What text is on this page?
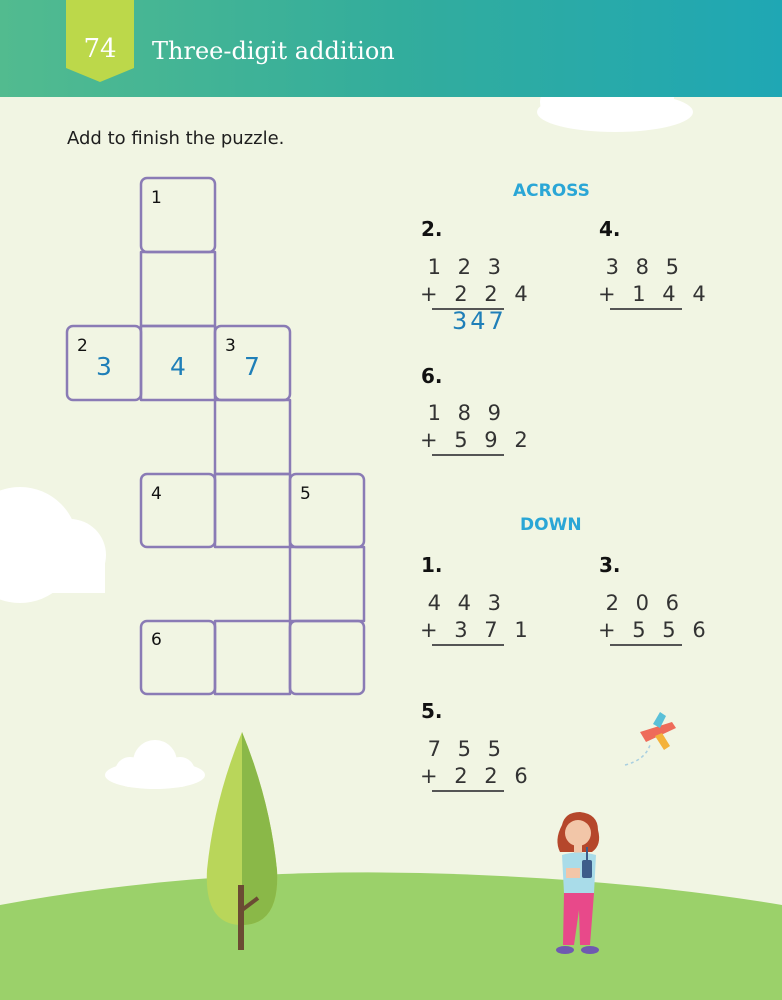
74	Three-digit addition
Add to finish the puzzle.
1
2	3
4	5
6
3	4	7
ACROSS
2.
1 2 3
+ 2 2 4
347
4.
3 8 5
+ 1 4 4
6.
1 8 9
+ 5 9 2
DOWN
1.
4 4 3
+ 3 7 1
3.
2 0 6
+ 5 5 6
5.
7 5 5
+ 2 2 6
